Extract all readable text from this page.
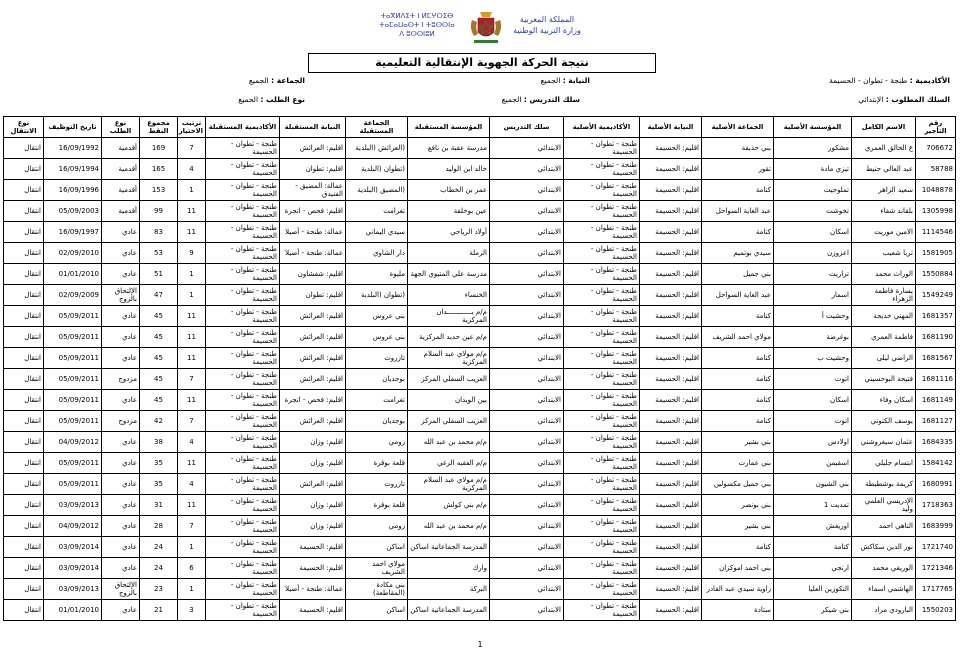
ⵜⴰⴳⵍⴷⵉⵜ ⵏ ⵍⵎⵖⵔⵉⴱ
ⵜⴰⵎⴰⵡⴰⵙⵜ ⵏ ⵜⵓⵙⵙⵏⴰ
ⴷ ⵓⵙⵙⵏⵓⵍ
المملكة المغربية
وزارة التربية الوطنية
نتيجة الحركة الجهوية الإنتقالية التعليمية
الأكاديمية : طنجة - تطوان - الحسيمة
النيابة : الجميع
الجماعة : الجميع
السلك المطلوب : الإبتدائي
سلك التدريس : الجميع
نوع الطلب : الجميع
رقم التأجير	الاسم الكامل	المؤسسة الأصلية	الجماعة الأصلية	النيابة الأصلية	الأكاديمية الأصلية	سلك التدريس	المؤسسة المستقبلة	الجماعة المستقبلة	النيابة المستقبلة	الأكاديمية المستقبلة	ترتيب الاختيار	مجموع النقط	نوع الطلب	تاريخ التوظيف	نوع الانتقال
706672	ع الخالق العمري	مشكور	بني حذيفة	اقليم: الحسيمة	طنجة - تطوان - الحسيمة	الابتدائي	مدرسة عقبة بن نافع	(العرائش (البلدية	اقليم: العرائش	طنجة - تطوان - الحسيمة	7	169	أقدمية	16/09/1992	انتقال
58788	عبد العالي حنيط	تيزي مادة	تقور	اقليم: الحسيمة	طنجة - تطوان - الحسيمة	الابتدائي	خالد ابن الوليد	(تطوان (البلدية	اقليم: تطوان	طنجة - تطوان - الحسيمة	4	165	أقدمية	16/09/1994	انتقال
1048878	سعيد الزاهر	تملوجيت	كتامة	اقليم: الحسيمة	طنجة - تطوان - الحسيمة	الابتدائي	عمر بن الخطاب	(المضيق (البلدية	عمالة: المضيق - الفنيدق	طنجة - تطوان - الحسيمة	1	153	أقدمية	16/09/1996	انتقال
1305998	بلقاند شفاء	تخوشت	عبد الغاية السواحل	اقليم: الحسيمة	طنجة - تطوان - الحسيمة	الابتدائي	عين بوخلفة	تغرامت	اقليم: فحص - انجرة	طنجة - تطوان - الحسيمة	11	99	أقدمية	05/09/2003	انتقال
1114546	الامين موريت	اسكان	كتامة	اقليم: الحسيمة	طنجة - تطوان - الحسيمة	الابتدائي	أولاد الرياحي	سيدي اليماني	عمالة: طنجة - أصيلا	طنجة - تطوان - الحسيمة	11	83	عادي	16/09/1997	انتقال
1581905	ثريا شعيب	اعزوزن	سيدي بوتميم	اقليم: الحسيمة	طنجة - تطوان - الحسيمة	الابتدائي	الرملة	دار الشاوي	عمالة: طنجة - أصيلا	طنجة - تطوان - الحسيمة	9	53	عادي	02/09/2010	انتقال
1550884	الوراث محمد	تراريت	بني جميل	اقليم: الحسيمة	طنجة - تطوان - الحسيمة	الابتدائي	مدرسة علي المتيوي الجهة	مليوة	اقليم: شفشاون	طنجة - تطوان - الحسيمة	1	51	عادي	01/01/2010	انتقال
1549249	يسارة فاطمة الزهراء	اسمار	عبد الغاية السواحل	اقليم: الحسيمة	طنجة - تطوان - الحسيمة	الابتدائي	الخنساء	(تطوان (البلدية	اقليم: تطوان	طنجة - تطوان - الحسيمة	1	47	الإلتحاق بالزوج	02/09/2009	انتقال
1681357	المهني خديجة	وحشيت أ	كتامة	اقليم: الحسيمة	طنجة - تطوان - الحسيمة	الابتدائي	م/م بــــــــــــدان المركزية	بني عروس	اقليم: العرائش	طنجة - تطوان - الحسيمة	11	45	عادي	05/09/2011	انتقال
1681190	فاطمة العمري	بوغرضة	مولاي احمد الشريف	اقليم: الحسيمة	طنجة - تطوان - الحسيمة	الابتدائي	م/م عين حديد المركزية	بني عروس	اقليم: العرائش	طنجة - تطوان - الحسيمة	11	45	عادي	05/09/2011	انتقال
1681567	الراضي ليلى	وحشيت ب	كتامة	اقليم: الحسيمة	طنجة - تطوان - الحسيمة	الابتدائي	م/م مولاي عبد السلام المركزية	تازروت	اقليم: العرائش	طنجة - تطوان - الحسيمة	11	45	عادي	05/09/2011	انتقال
1681116	فتيحة البوحسيني	اتوت	كتامة	اقليم: الحسيمة	طنجة - تطوان - الحسيمة	الابتدائي	العزيب السفلي المركز	بوجديان	اقليم: العرائش	طنجة - تطوان - الحسيمة	7	45	مزدوج	05/09/2011	انتقال
1681149	اسكان وفاء	اسكان	كتامة	اقليم: الحسيمة	طنجة - تطوان - الحسيمة	الابتدائي	بين الويدان	تغرامت	اقليم: فحص - انجرة	طنجة - تطوان - الحسيمة	11	45	عادي	05/09/2011	انتقال
1681127	يوسف الكتوتي	اتوت	كتامة	اقليم: الحسيمة	طنجة - تطوان - الحسيمة	الابتدائي	العزيب السفلي المركز	بوجديان	اقليم: العرائش	طنجة - تطوان - الحسيمة	7	42	مزدوج	05/09/2011	انتقال
1684335	عثمان سيغروشني	اولادس	بني بشير	اقليم: الحسيمة	طنجة - تطوان - الحسيمة	الابتدائي	م/م محمد بن عبد الله	زومي	اقليم: وزان	طنجة - تطوان - الحسيمة	4	38	عادي	04/09/2012	انتقال
1584142	ابتسام جليلي	اسقيمن	بني عمارت	اقليم: الحسيمة	طنجة - تطوان - الحسيمة	الابتدائي	م/م الفقيه الرغي	قلعة بوقرة	اقليم: وزان	طنجة - تطوان - الحسيمة	11	35	عادي	05/09/2011	انتقال
1680991	كريمة بوشطيطة	بني الشيون	بني جميل مكسولين	اقليم: الحسيمة	طنجة - تطوان - الحسيمة	الابتدائي	م/م مولاي عبد السلام المركزية	تازروت	اقليم: العرائش	طنجة - تطوان - الحسيمة	4	35	عادي	05/09/2011	انتقال
1718363	الإدريسي العلمي وليد	تمديت 1	بني بونصر	اقليم: الحسيمة	طنجة - تطوان - الحسيمة	الابتدائي	م/م بني كولش	قلعة بوقرة	اقليم: وزان	طنجة - تطوان - الحسيمة	11	31	عادي	03/09/2013	انتقال
1683999	الناهي احمد	اوريغش	بني بشير	اقليم: الحسيمة	طنجة - تطوان - الحسيمة	الابتدائي	م/م محمد بن عبد الله	زومي	اقليم: وزان	طنجة - تطوان - الحسيمة	7	28	عادي	04/09/2012	انتقال
1721740	نور الدين سكاكش	كتامة	كتامة	اقليم: الحسيمة	طنجة - تطوان - الحسيمة	الابتدائي	المدرسة الجماعاتية اساكن	اساكن	اقليم: الحسيمة	طنجة - تطوان - الحسيمة	1	24	عادي	03/09/2014	انتقال
1721346	الوريغي محمد	ارنجي	بني احمد اموكزان	اقليم: الحسيمة	طنجة - تطوان - الحسيمة	الابتدائي	وارك	مولاي احمد الشريف	اقليم: الحسيمة	طنجة - تطوان - الحسيمة	6	24	عادي	03/09/2014	انتقال
1717765	الهاشمي اسماء	التكوزين العليا	زاوية سيدي عبد القادر	اقليم: الحسيمة	طنجة - تطوان - الحسيمة	الابتدائي	البركة	بني مكادة (المقاطعة)	عمالة: طنجة - أصيلا	طنجة - تطوان - الحسيمة	1	23	الإلتحاق بالزوج	03/09/2013	انتقال
1550203	البارودي مراد	بني شيكر	ستادة	اقليم: الحسيمة	طنجة - تطوان - الحسيمة	الابتدائي	المدرسة الجماعاتية اساكن	اساكن	اقليم: الحسيمة	طنجة - تطوان - الحسيمة	3	21	عادي	01/01/2010	انتقال
1
